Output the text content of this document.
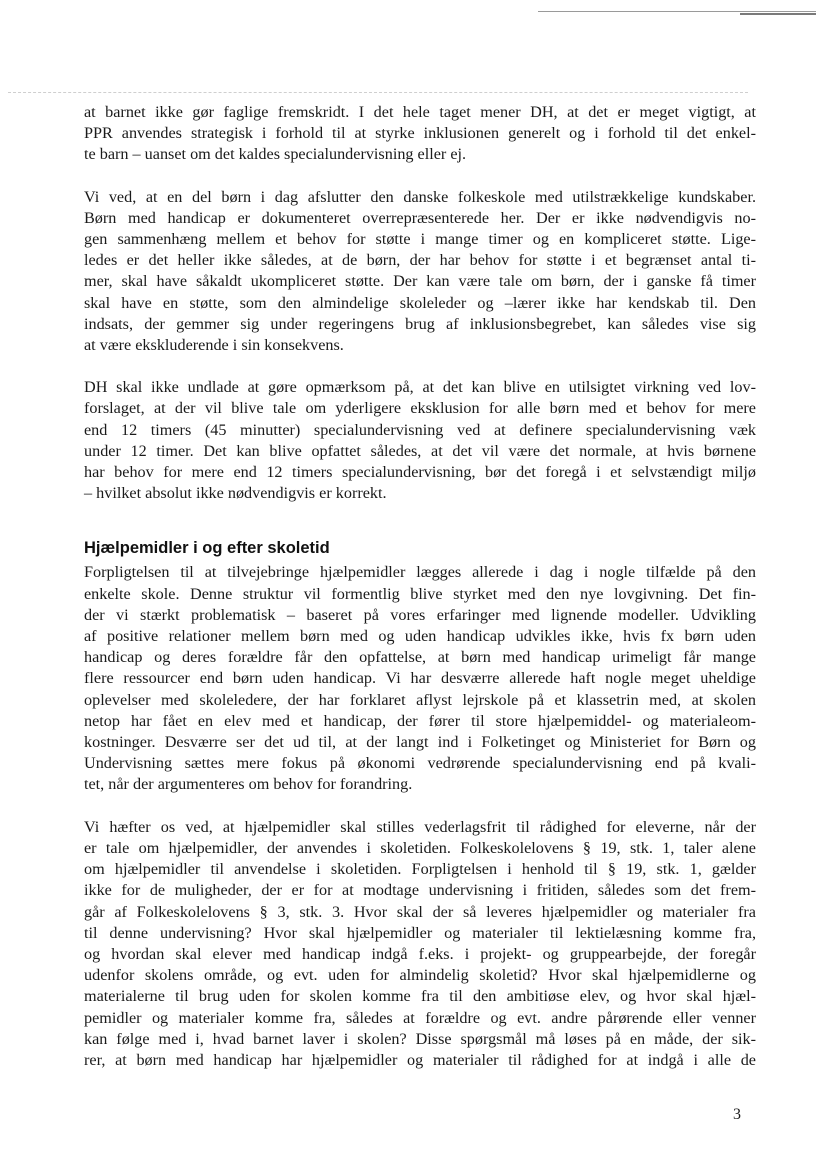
at barnet ikke gør faglige fremskridt. I det hele taget mener DH, at det er meget vigtigt, at
PPR anvendes strategisk i forhold til at styrke inklusionen generelt og i forhold til det enkel-
te barn – uanset om det kaldes specialundervisning eller ej.

Vi ved, at en del børn i dag afslutter den danske folkeskole med utilstrækkelige kundskaber.
Børn med handicap er dokumenteret overrepræsenterede her. Der er ikke nødvendigvis no-
gen sammenhæng mellem et behov for støtte i mange timer og en kompliceret støtte. Lige-
ledes er det heller ikke således, at de børn, der har behov for støtte i et begrænset antal ti-
mer, skal have såkaldt ukompliceret støtte. Der kan være tale om børn, der i ganske få timer
skal have en støtte, som den almindelige skoleleder og –lærer ikke har kendskab til. Den
indsats, der gemmer sig under regeringens brug af inklusionsbegrebet, kan således vise sig
at være ekskluderende i sin konsekvens.

DH skal ikke undlade at gøre opmærksom på, at det kan blive en utilsigtet virkning ved lov-
forslaget, at der vil blive tale om yderligere eksklusion for alle børn med et behov for mere
end 12 timers (45 minutter) specialundervisning ved at definere specialundervisning væk
under 12 timer. Det kan blive opfattet således, at det vil være det normale, at hvis børnene
har behov for mere end 12 timers specialundervisning, bør det foregå i et selvstændigt miljø
– hvilket absolut ikke nødvendigvis er korrekt.

Hjælpemidler i og efter skoletid

Forpligtelsen til at tilvejebringe hjælpemidler lægges allerede i dag i nogle tilfælde på den
enkelte skole. Denne struktur vil formentlig blive styrket med den nye lovgivning. Det fin-
der vi stærkt problematisk – baseret på vores erfaringer med lignende modeller. Udvikling
af positive relationer mellem børn med og uden handicap udvikles ikke, hvis fx børn uden
handicap og deres forældre får den opfattelse, at børn med handicap urimeligt får mange
flere ressourcer end børn uden handicap. Vi har desværre allerede haft nogle meget uheldige
oplevelser med skoleledere, der har forklaret aflyst lejrskole på et klassetrin med, at skolen
netop har fået en elev med et handicap, der fører til store hjælpemiddel- og materialeom-
kostninger. Desværre ser det ud til, at der langt ind i Folketinget og Ministeriet for Børn og
Undervisning sættes mere fokus på økonomi vedrørende specialundervisning end på kvali-
tet, når der argumenteres om behov for forandring.

Vi hæfter os ved, at hjælpemidler skal stilles vederlagsfrit til rådighed for eleverne, når der
er tale om hjælpemidler, der anvendes i skoletiden. Folkeskolelovens § 19, stk. 1, taler alene
om hjælpemidler til anvendelse i skoletiden. Forpligtelsen i henhold til § 19, stk. 1, gælder
ikke for de muligheder, der er for at modtage undervisning i fritiden, således som det frem-
går af Folkeskolelovens § 3, stk. 3. Hvor skal der så leveres hjælpemidler og materialer fra
til denne undervisning? Hvor skal hjælpemidler og materialer til lektielæsning komme fra,
og hvordan skal elever med handicap indgå f.eks. i projekt- og gruppearbejde, der foregår
udenfor skolens område, og evt. uden for almindelig skoletid? Hvor skal hjælpemidlerne og
materialerne til brug uden for skolen komme fra til den ambitiøse elev, og hvor skal hjæl-
pemidler og materialer komme fra, således at forældre og evt. andre pårørende eller venner
kan følge med i, hvad barnet laver i skolen? Disse spørgsmål må løses på en måde, der sik-
rer, at børn med handicap har hjælpemidler og materialer til rådighed for at indgå i alle de

3
